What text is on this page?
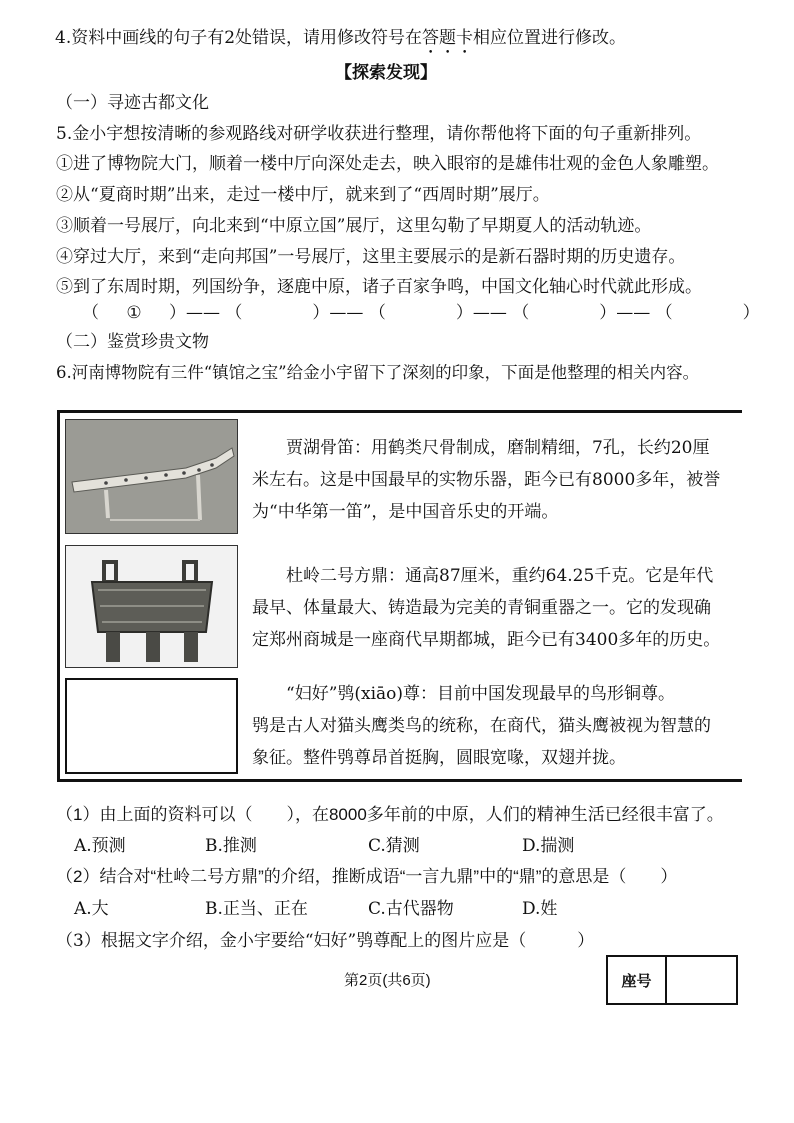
4.资料中画线的句子有2处错误，请用修改符号在答题卡相应位置进行修改。
【探索发现】
（一）寻迹古都文化
5.金小宇想按清晰的参观路线对研学收获进行整理，请你帮他将下面的句子重新排列。
①进了博物院大门，顺着一楼中厅向深处走去，映入眼帘的是雄伟壮观的金色人象雕塑。
②从“夏商时期”出来，走过一楼中厅，就来到了“西周时期”展厅。
③顺着一号展厅，向北来到“中原立国”展厅，这里勾勒了早期夏人的活动轨迹。
④穿过大厅，来到“走向邦国”一号展厅，这里主要展示的是新石器时期的历史遗存。
⑤到了东周时期，列国纷争，逐鹿中原，诸子百家争鸣，中国文化轴心时代就此形成。
（ ① ）—— （	）—— （	）—— （	）—— （	）
（二）鉴赏珍贵文物
6.河南博物院有三件“镇馆之宝”给金小宇留下了深刻的印象，下面是他整理的相关内容。
贾湖骨笛：用鹤类尺骨制成，磨制精细，7孔，长约20厘
米左右。这是中国最早的实物乐器，距今已有8000多年，被誉
为“中华第一笛”，是中国音乐史的开端。
杜岭二号方鼎：通高87厘米，重约64.25千克。它是年代
最早、体量最大、铸造最为完美的青铜重器之一。它的发现确
定郑州商城是一座商代早期都城，距今已有3400多年的历史。
“妇好”鸮(xiāo)尊：目前中国发现最早的鸟形铜尊。
鸮是古人对猫头鹰类鸟的统称，在商代，猫头鹰被视为智慧的
象征。整件鸮尊昂首挺胸，圆眼宽喙，双翅并拢。
（1）由上面的资料可以（　　），在8000多年前的中原，人们的精神生活已经很丰富了。
A.预测	B.推测	C.猜测	D.揣测
（2）结合对“杜岭二号方鼎”的介绍，推断成语“一言九鼎”中的“鼎”的意思是（　　）
A.大	B.正当、正在	C.古代器物	D.姓
（3）根据文字介绍，金小宇要给“妇好”鸮尊配上的图片应是（　　　）
第2页(共6页)	座号
